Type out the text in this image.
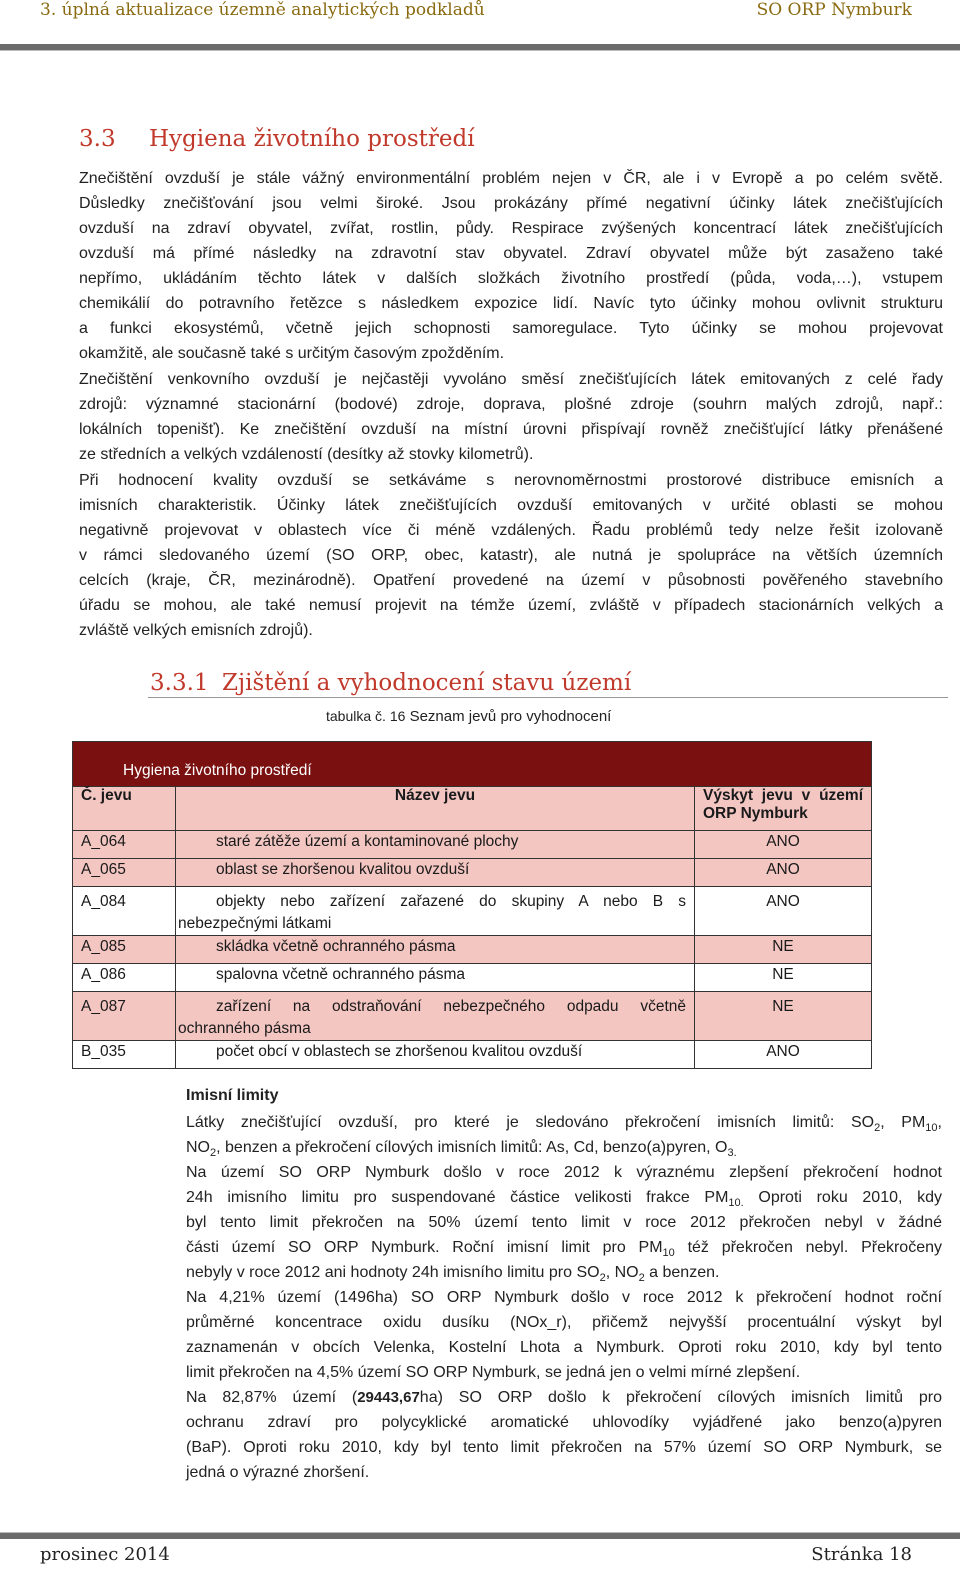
3. úplná aktualizace územně analytických podkladů	SO ORP Nymburk
3.3 Hygiena životního prostředí
Znečištění ovzduší je stále vážný environmentální problém nejen v ČR, ale i v Evropě a po celém světě.
Důsledky znečišťování jsou velmi široké. Jsou prokázány přímé negativní účinky látek znečišťujících
ovzduší na zdraví obyvatel, zvířat, rostlin, půdy. Respirace zvýšených koncentrací látek znečišťujících
ovzduší má přímé následky na zdravotní stav obyvatel. Zdraví obyvatel může být zasaženo také
nepřímo, ukládáním těchto látek v dalších složkách životního prostředí (půda, voda,…), vstupem
chemikálií do potravního řetězce s následkem expozice lidí. Navíc tyto účinky mohou ovlivnit strukturu
a funkci ekosystémů, včetně jejich schopnosti samoregulace. Tyto účinky se mohou projevovat
okamžitě, ale současně také s určitým časovým zpožděním.
Znečištění venkovního ovzduší je nejčastěji vyvoláno směsí znečišťujících látek emitovaných z celé řady
zdrojů: významné stacionární (bodové) zdroje, doprava, plošné zdroje (souhrn malých zdrojů, např.:
lokálních topenišť). Ke znečištění ovzduší na místní úrovni přispívají rovněž znečišťující látky přenášené
ze středních a velkých vzdáleností (desítky až stovky kilometrů).
Při hodnocení kvality ovzduší se setkáváme s nerovnoměrnostmi prostorové distribuce emisních a
imisních charakteristik. Účinky látek znečišťujících ovzduší emitovaných v určité oblasti se mohou
negativně projevovat v oblastech více či méně vzdálených. Řadu problémů tedy nelze řešit izolovaně
v rámci sledovaného území (SO ORP, obec, katastr), ale nutná je spolupráce na větších územních
celcích (kraje, ČR, mezinárodně). Opatření provedené na území v působnosti pověřeného stavebního
úřadu se mohou, ale také nemusí projevit na témže území, zvláště v případech stacionárních velkých a
zvláště velkých emisních zdrojů).
3.3.1 Zjištění a vyhodnocení stavu území
tabulka č. 16 Seznam jevů pro vyhodnocení
Hygiena životního prostředí		
Č. jevu	Název jevu	Výskyt jevu v území
ORP Nymburk

A_064	staré zátěže území a kontaminované plochy	ANO
A_065	oblast se zhoršenou kvalitou ovzduší	ANO
A_084	objekty nebo zařízení zařazené do skupiny A nebo B s
nebezpečnými látkami	ANO
A_085	skládka včetně ochranného pásma	NE
A_086	spalovna včetně ochranného pásma	NE
A_087	zařízení na odstraňování nebezpečného odpadu včetně
ochranného pásma	NE
B_035	počet obcí v oblastech se zhoršenou kvalitou ovzduší	ANO
Imisní limity
Látky znečišťující ovzduší, pro které je sledováno překročení imisních limitů: $SO_2$, $PM_{10}$,
$NO_2$, benzen a překročení cílových imisních limitů: As, Cd, benzo(a)pyren, $O_{3.}$
Na území SO ORP Nymburk došlo v roce 2012 k výraznému zlepšení překročení hodnot
24h imisního limitu pro suspendované částice velikosti frakce $PM_{10.}$ Oproti roku 2010, kdy
byl tento limit překročen na 50% území tento limit v roce 2012 překročen nebyl v žádné
části území SO ORP Nymburk. Roční imisní limit pro $PM_{10}$ též překročen nebyl. Překročeny
nebyly v roce 2012 ani hodnoty 24h imisního limitu pro $SO_2$, $NO_2$ a benzen.
Na 4,21% území (1496ha) SO ORP Nymburk došlo v roce 2012 k překročení hodnot roční
průměrné koncentrace oxidu dusíku (NOx_r), přičemž nejvyšší procentuální výskyt byl
zaznamenán v obcích Velenka, Kostelní Lhota a Nymburk. Oproti roku 2010, kdy byl tento
limit překročen na 4,5% území SO ORP Nymburk, se jedná jen o velmi mírné zlepšení.
Na 82,87% území (29443,67ha) SO ORP došlo k překročení cílových imisních limitů pro
ochranu zdraví pro polycyklické aromatické uhlovodíky vyjádřené jako benzo(a)pyren
(BaP). Oproti roku 2010, kdy byl tento limit překročen na 57% území SO ORP Nymburk, se
jedná o výrazné zhoršení.
prosinec 2014	Stránka 18
